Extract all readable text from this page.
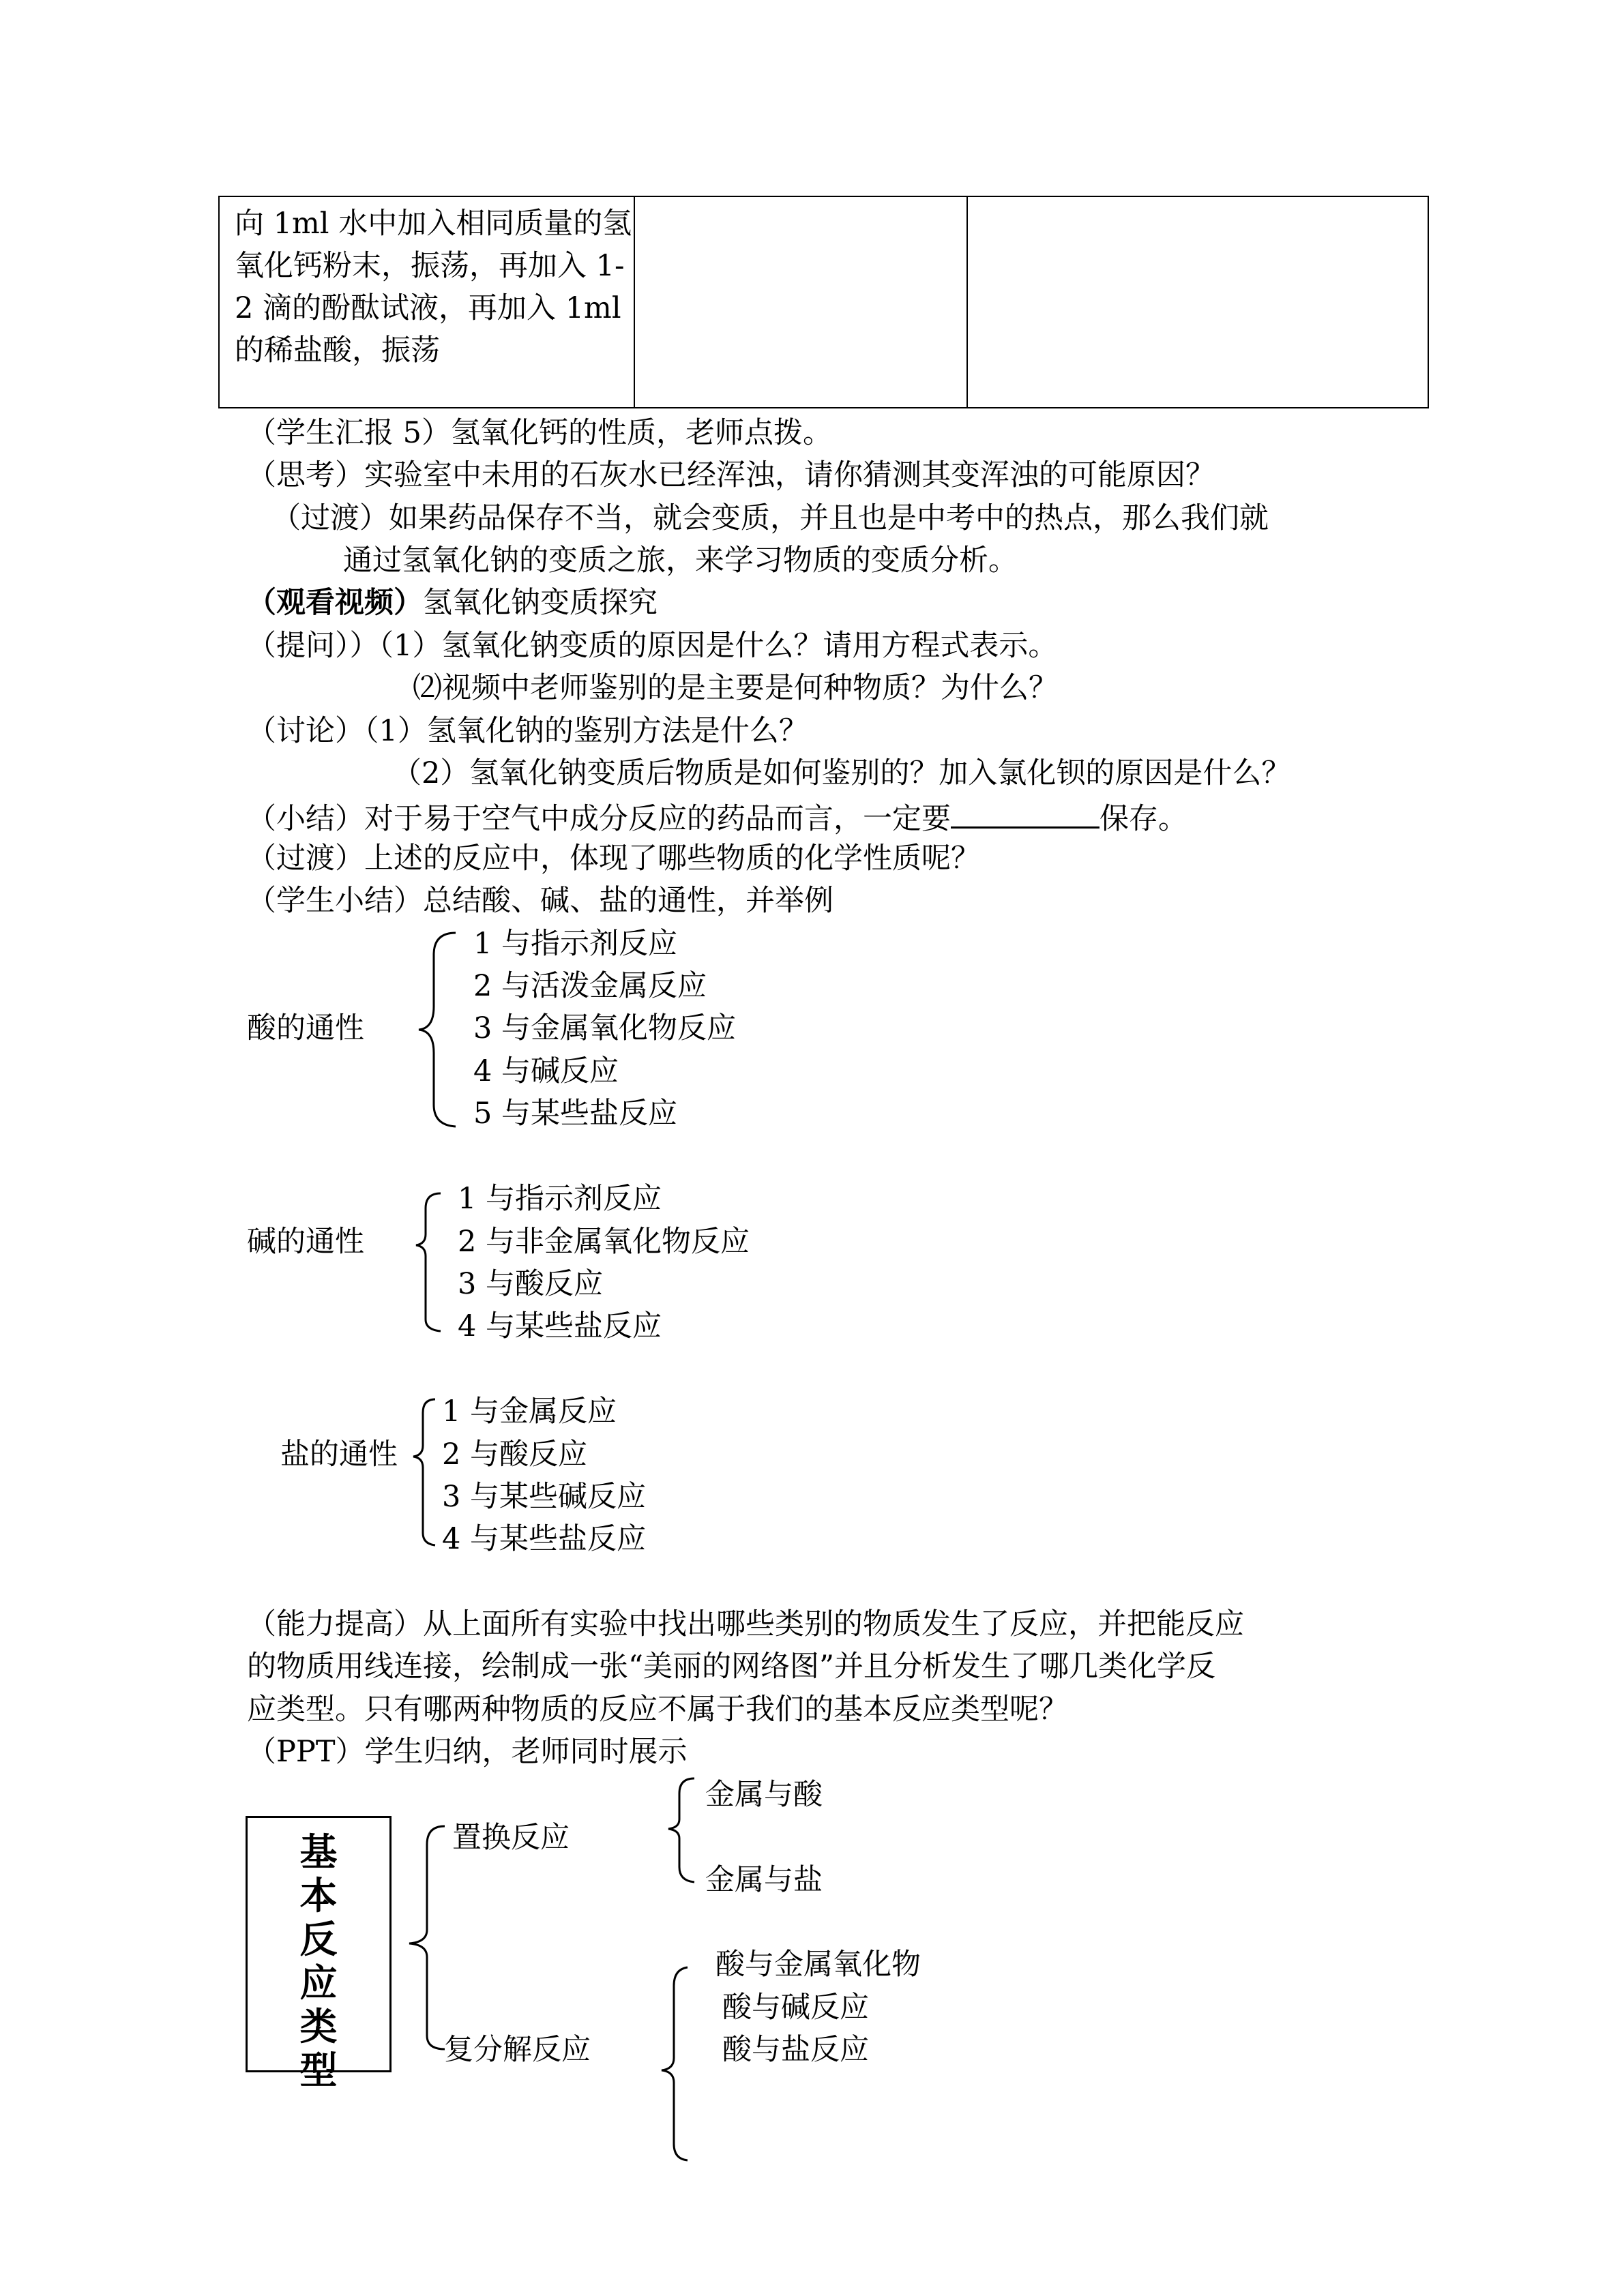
向 1ml 水中加入相同质量的氢氧化钙粉末，振荡，再加入 1-2 滴的酚酞试液，再加入 1ml 的稀盐酸，振荡

（学生汇报 5）氢氧化钙的性质，老师点拨。
（思考）实验室中未用的石灰水已经浑浊，请你猜测其变浑浊的可能原因？
（过渡）如果药品保存不当，就会变质，并且也是中考中的热点，那么我们就
通过氢氧化钠的变质之旅，来学习物质的变质分析。
（观看视频）氢氧化钠变质探究
（提问））（1）氢氧化钠变质的原因是什么？请用方程式表示。
⑵视频中老师鉴别的是主要是何种物质？为什么？
（讨论）（1）氢氧化钠的鉴别方法是什么？
（2）氢氧化钠变质后物质是如何鉴别的？加入氯化钡的原因是什么？
（小结）对于易于空气中成分反应的药品而言，一定要	保存。
（过渡）上述的反应中，体现了哪些物质的化学性质呢？
（学生小结）总结酸、碱、盐的通性，并举例
酸的通性
1 与指示剂反应
2 与活泼金属反应
3 与金属氧化物反应
4 与碱反应
5 与某些盐反应
碱的通性
1 与指示剂反应
2 与非金属氧化物反应
3 与酸反应
4 与某些盐反应
盐的通性
1 与金属反应
2 与酸反应
3 与某些碱反应
4 与某些盐反应
（能力提高）从上面所有实验中找出哪些类别的物质发生了反应，并把能反应
的物质用线连接，绘制成一张“美丽的网络图”并且分析发生了哪几类化学反
应类型。只有哪两种物质的反应不属于我们的基本反应类型呢？
（PPT）学生归纳，老师同时展示
基本反应类型
置换反应
金属与酸
金属与盐
复分解反应
酸与金属氧化物
酸与碱反应
酸与盐反应
